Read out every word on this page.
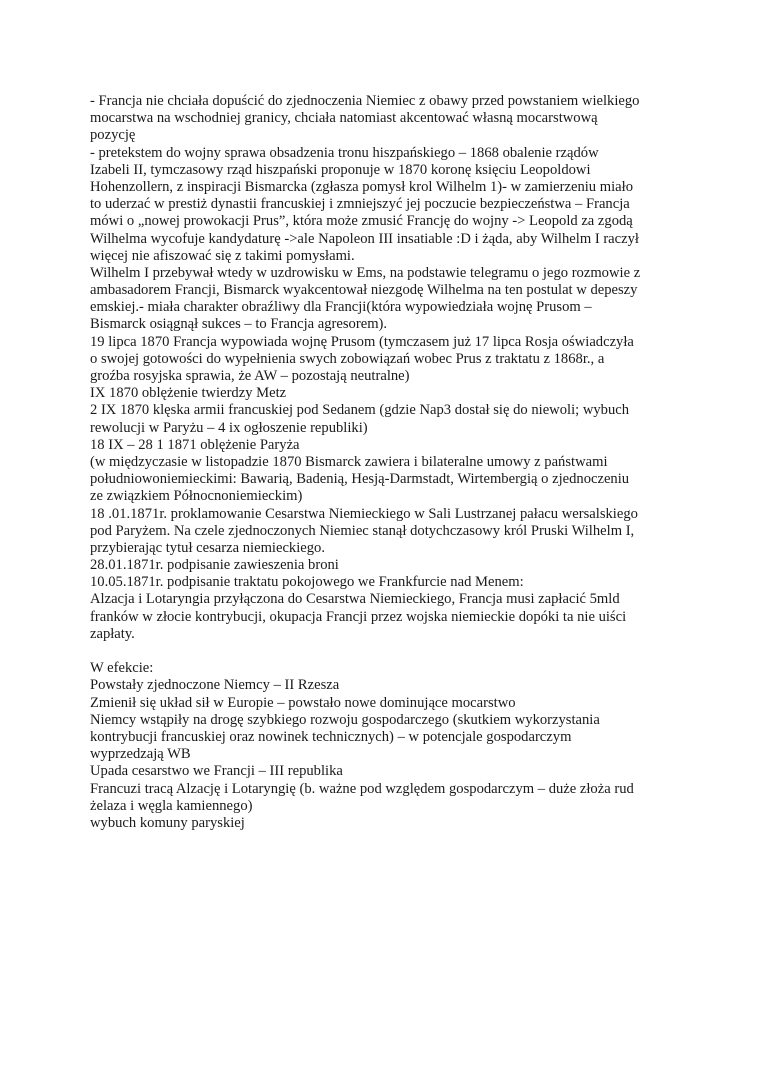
- Francja nie chciała dopuścić do zjednoczenia Niemiec z obawy przed powstaniem wielkiego
mocarstwa na wschodniej granicy, chciała natomiast akcentować własną mocarstwową
pozycję
- pretekstem do wojny sprawa obsadzenia tronu hiszpańskiego – 1868 obalenie rządów
Izabeli II, tymczasowy rząd hiszpański proponuje w 1870 koronę księciu Leopoldowi
Hohenzollern, z inspiracji Bismarcka (zgłasza pomysł krol Wilhelm 1)- w zamierzeniu miało
to uderzać w prestiż dynastii francuskiej i zmniejszyć jej poczucie bezpieczeństwa – Francja
mówi o „nowej prowokacji Prus”, która może zmusić Francję do wojny -> Leopold za zgodą
Wilhelma wycofuje kandydaturę ->ale Napoleon III insatiable :D i żąda, aby Wilhelm I raczył
więcej nie afiszować się z takimi pomysłami.
Wilhelm I przebywał wtedy w uzdrowisku w Ems, na podstawie telegramu o jego rozmowie z
ambasadorem Francji, Bismarck wyakcentował niezgodę Wilhelma na ten postulat w depeszy
emskiej.- miała charakter obraźliwy dla Francji(która wypowiedziała wojnę Prusom –
Bismarck osiągnął sukces – to Francja agresorem).
19 lipca 1870 Francja wypowiada wojnę Prusom (tymczasem już 17 lipca Rosja oświadczyła
o swojej gotowości do wypełnienia swych zobowiązań wobec Prus z traktatu z 1868r., a
groźba rosyjska sprawia, że AW – pozostają neutralne)
IX 1870 oblężenie twierdzy Metz
2 IX 1870 klęska armii francuskiej pod Sedanem (gdzie Nap3 dostał się do niewoli; wybuch
rewolucji w Paryżu – 4 ix ogłoszenie republiki)
18 IX – 28 1 1871 oblężenie Paryża
(w międzyczasie w listopadzie 1870 Bismarck zawiera i bilateralne umowy z państwami
południowoniemieckimi: Bawarią, Badenią, Hesją-Darmstadt, Wirtembergią o zjednoczeniu
ze związkiem Północnoniemieckim)
18 .01.1871r. proklamowanie Cesarstwa Niemieckiego w Sali Lustrzanej pałacu wersalskiego
pod Paryżem. Na czele zjednoczonych Niemiec stanął dotychczasowy król Pruski Wilhelm I,
przybierając tytuł cesarza niemieckiego.
28.01.1871r. podpisanie zawieszenia broni
10.05.1871r. podpisanie traktatu pokojowego we Frankfurcie nad Menem:
Alzacja i Lotaryngia przyłączona do Cesarstwa Niemieckiego, Francja musi zapłacić 5mld
franków w złocie kontrybucji, okupacja Francji przez wojska niemieckie dopóki ta nie uiści
zapłaty.
W efekcie:
Powstały zjednoczone Niemcy – II Rzesza
Zmienił się układ sił w Europie – powstało nowe dominujące mocarstwo
Niemcy wstąpiły na drogę szybkiego rozwoju gospodarczego (skutkiem wykorzystania
kontrybucji francuskiej oraz nowinek technicznych) – w potencjale gospodarczym
wyprzedzają WB
Upada cesarstwo we Francji – III republika
Francuzi tracą Alzację i Lotaryngię (b. ważne pod względem gospodarczym – duże złoża rud
żelaza i węgla kamiennego)
wybuch komuny paryskiej
